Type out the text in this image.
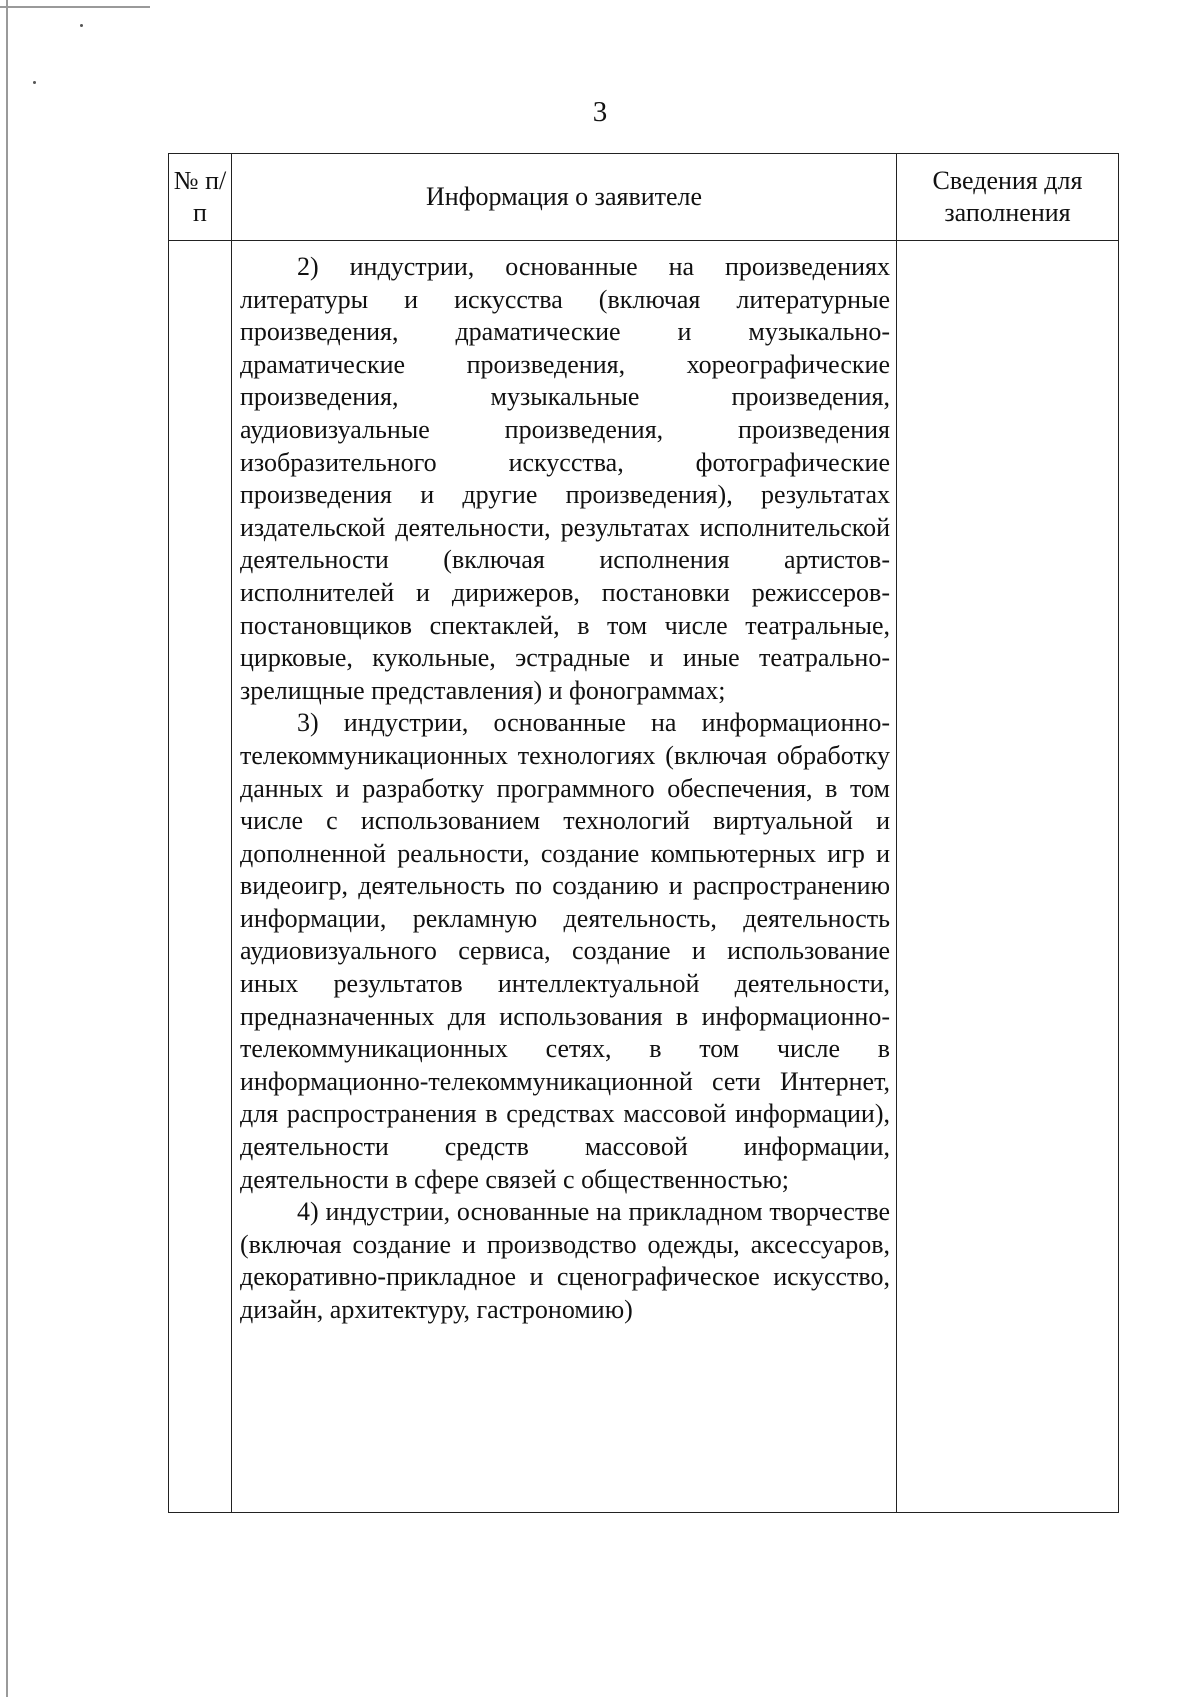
3
№ п/п	Информация о заявителе	Сведения для заполнения

	2) индустрии, основанные на произведениях литературы и искусства (включая литературные произведения, драматические и музыкально-драматические произведения, хореографические произведения, музыкальные произведения, аудиовизуальные произведения, произведения изобразительного искусства, фотографические произведения и другие произведения), результатах издательской деятельности, результатах исполнительской деятельности (включая исполнения артистов-исполнителей и дирижеров, постановки режиссеров-постановщиков спектаклей, в том числе театральные, цирковые, кукольные, эстрадные и иные театрально-зрелищные представления) и фонограммах;

3) индустрии, основанные на информационно-телекоммуникационных технологиях (включая обработку данных и разработку программного обеспечения, в том числе с использованием технологий виртуальной и дополненной реальности, создание компьютерных игр и видеоигр, деятельность по созданию и распространению информации, рекламную деятельность, деятельность аудиовизуального сервиса, создание и использование иных результатов интеллектуальной деятельности, предназначенных для использования в информационно-телекоммуникационных сетях, в том числе в информационно-телекоммуникационной сети Интернет, для распространения в средствах массовой информации), деятельности средств массовой информации, деятельности в сфере связей с общественностью;

4) индустрии, основанные на прикладном творчестве (включая создание и производство одежды, аксессуаров, декоративно-прикладное и сценографическое искусство, дизайн, архитектуру, гастрономию)	
